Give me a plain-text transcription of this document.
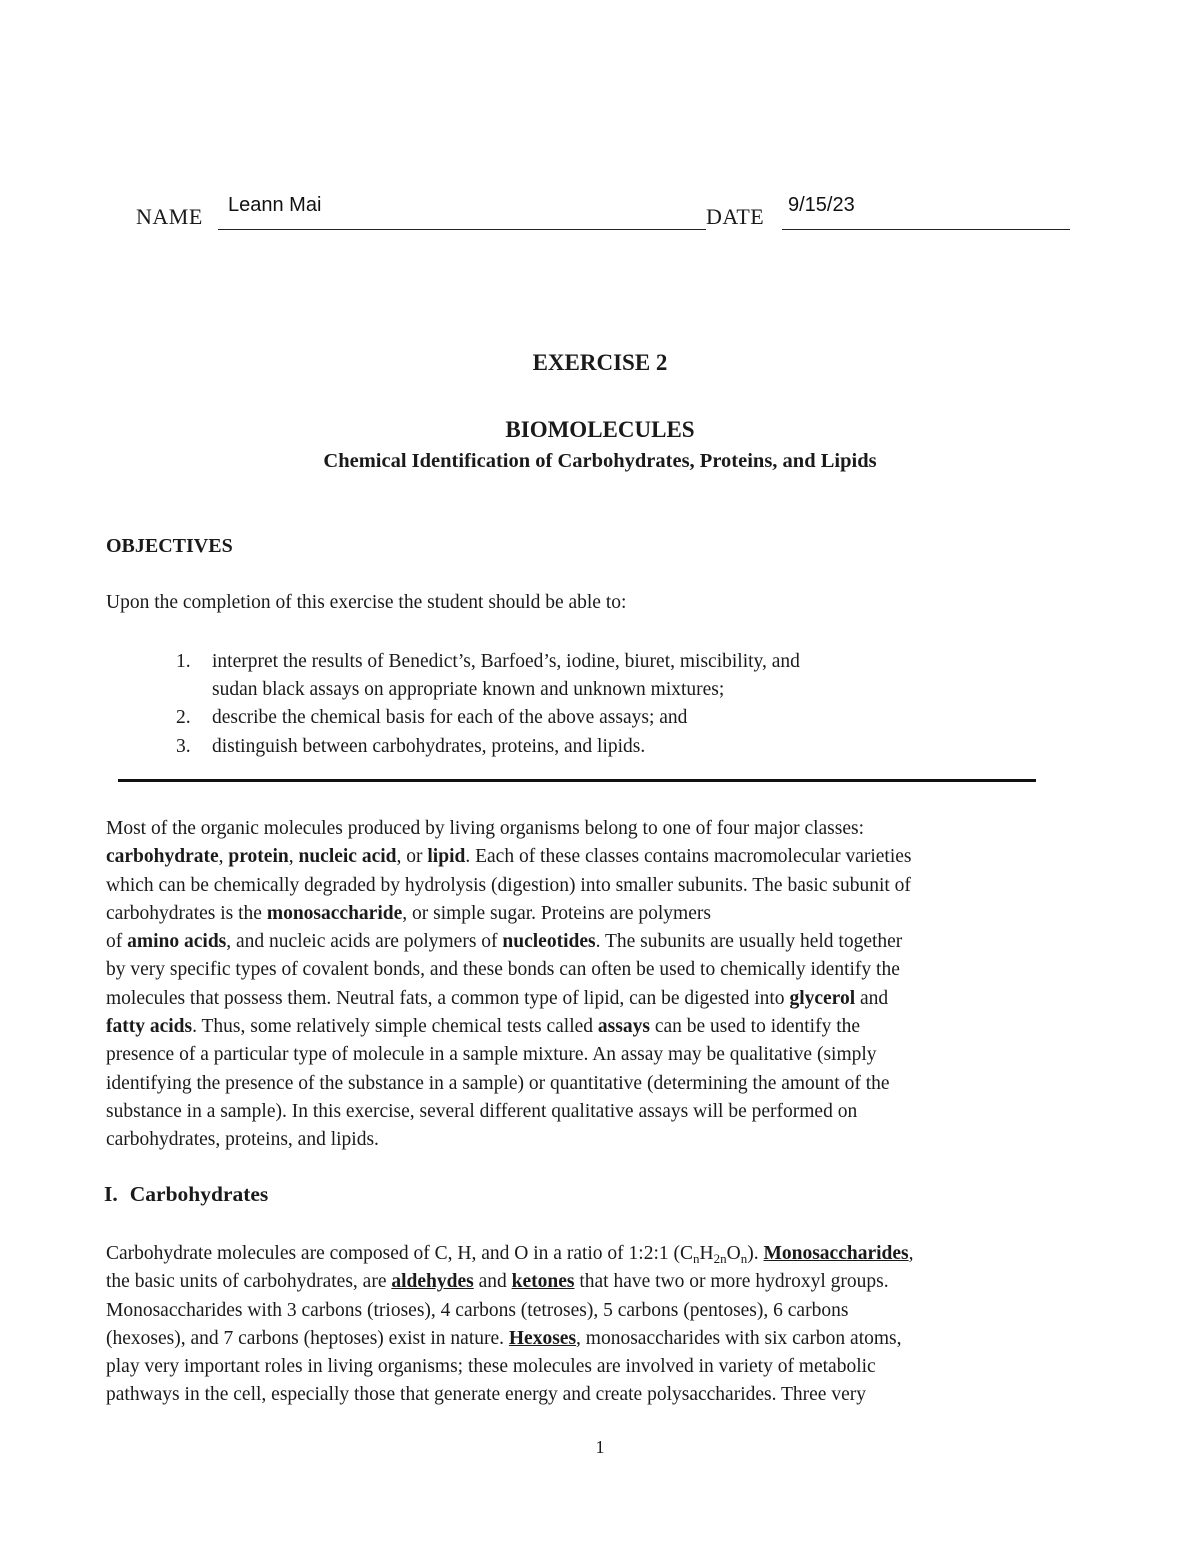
NAME Leann Mai	DATE 9/15/23
EXERCISE 2
BIOMOLECULES
Chemical Identification of Carbohydrates, Proteins, and Lipids
OBJECTIVES
Upon the completion of this exercise the student should be able to:
1. interpret the results of Benedict’s, Barfoed’s, iodine, biuret, miscibility, and
sudan black assays on appropriate known and unknown mixtures;
2. describe the chemical basis for each of the above assays; and
3. distinguish between carbohydrates, proteins, and lipids.
Most of the organic molecules produced by living organisms belong to one of four major classes:
carbohydrate, protein, nucleic acid, or lipid. Each of these classes contains macromolecular varieties
which can be chemically degraded by hydrolysis (digestion) into smaller subunits. The basic subunit of
carbohydrates is the monosaccharide, or simple sugar. Proteins are polymers
of amino acids, and nucleic acids are polymers of nucleotides. The subunits are usually held together
by very specific types of covalent bonds, and these bonds can often be used to chemically identify the
molecules that possess them. Neutral fats, a common type of lipid, can be digested into glycerol and
fatty acids. Thus, some relatively simple chemical tests called assays can be used to identify the
presence of a particular type of molecule in a sample mixture. An assay may be qualitative (simply
identifying the presence of the substance in a sample) or quantitative (determining the amount of the
substance in a sample). In this exercise, several different qualitative assays will be performed on
carbohydrates, proteins, and lipids.
I. Carbohydrates
Carbohydrate molecules are composed of C, H, and O in a ratio of 1:2:1 $(C_nH_{2n}O_n)$. Monosaccharides,
the basic units of carbohydrates, are aldehydes and ketones that have two or more hydroxyl groups.
Monosaccharides with 3 carbons (trioses), 4 carbons (tetroses), 5 carbons (pentoses), 6 carbons
(hexoses), and 7 carbons (heptoses) exist in nature. Hexoses, monosaccharides with six carbon atoms,
play very important roles in living organisms; these molecules are involved in variety of metabolic
pathways in the cell, especially those that generate energy and create polysaccharides. Three very
1
